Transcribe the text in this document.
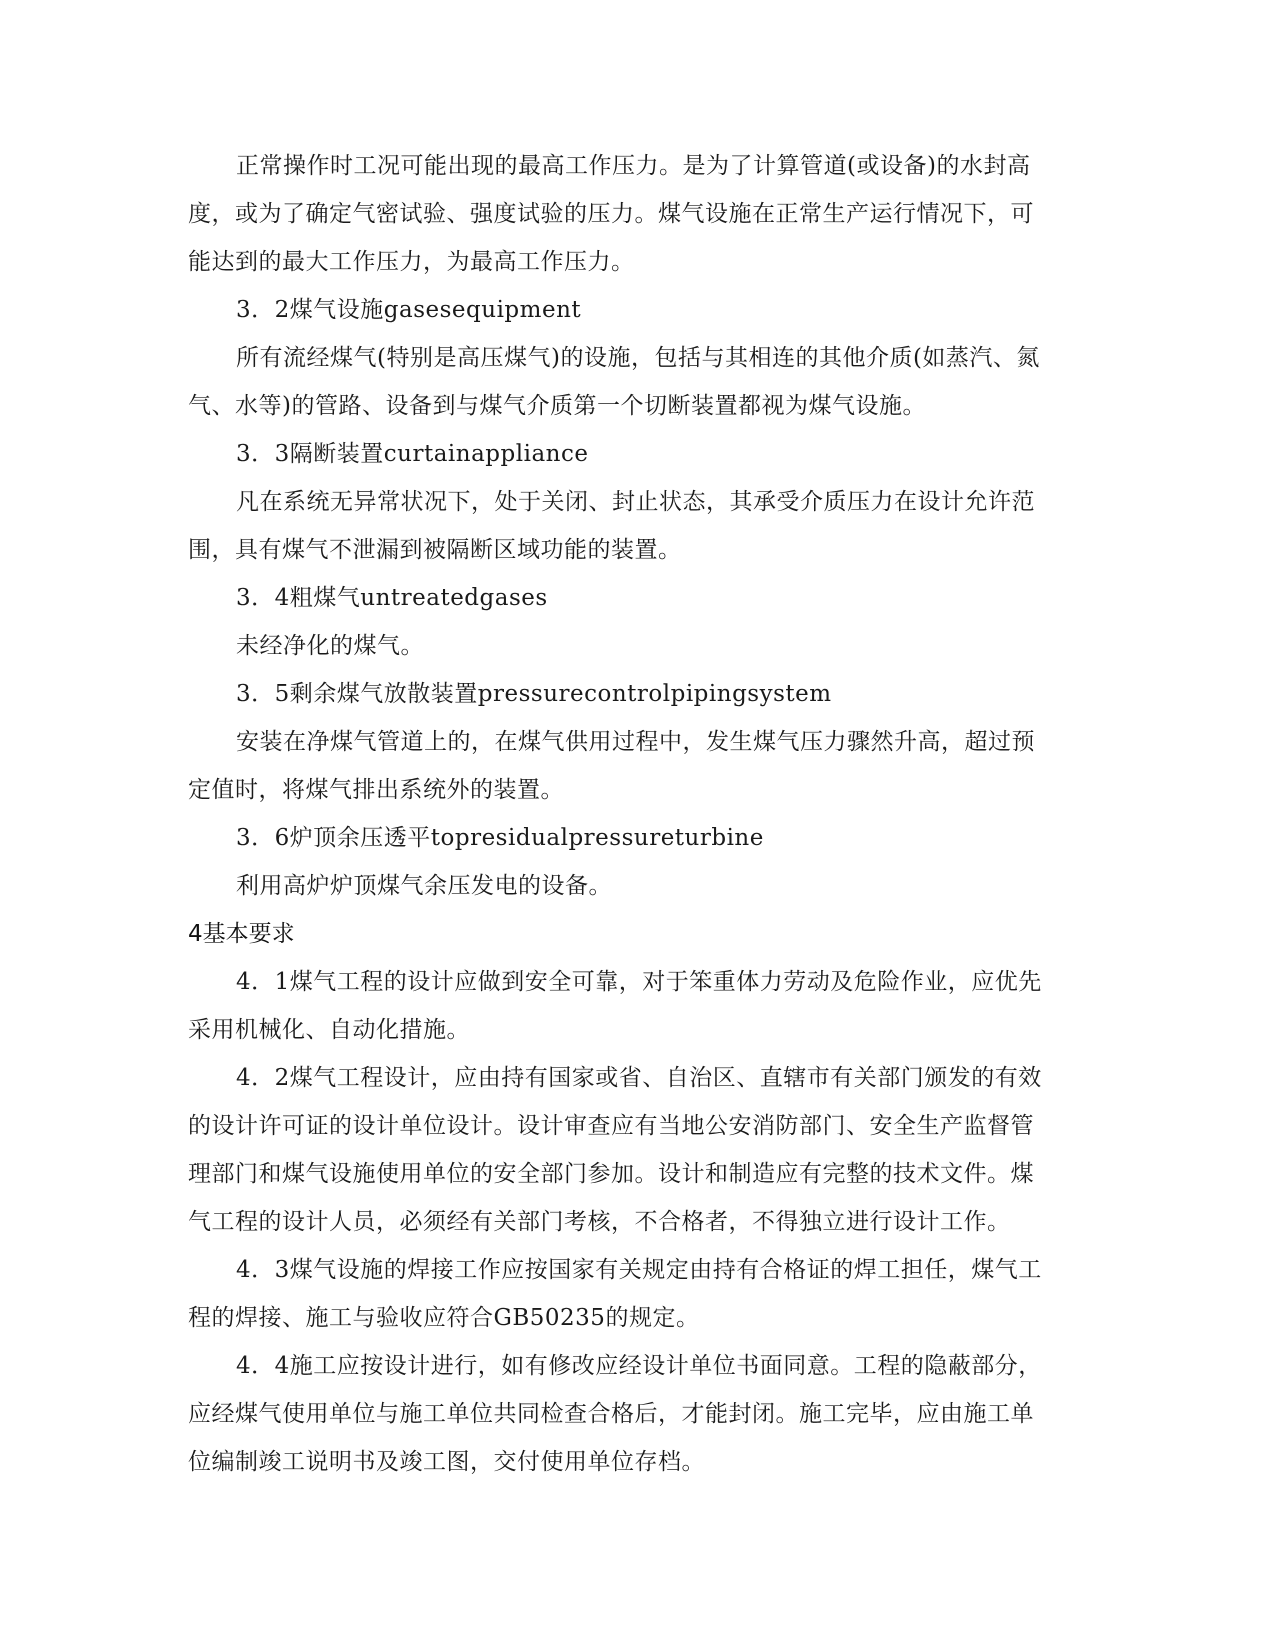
正常操作时工况可能出现的最高工作压力。是为了计算管道(或设备)的水封高
度，或为了确定气密试验、强度试验的压力。煤气设施在正常生产运行情况下，可
能达到的最大工作压力，为最高工作压力。
3．2煤气设施gasesequipment
所有流经煤气(特别是高压煤气)的设施，包括与其相连的其他介质(如蒸汽、氮
气、水等)的管路、设备到与煤气介质第一个切断装置都视为煤气设施。
3．3隔断装置curtainappliance
凡在系统无异常状况下，处于关闭、封止状态，其承受介质压力在设计允许范
围，具有煤气不泄漏到被隔断区域功能的装置。
3．4粗煤气untreatedgases
未经净化的煤气。
3．5剩余煤气放散装置pressurecontrolpipingsystem
安装在净煤气管道上的，在煤气供用过程中，发生煤气压力骤然升高，超过预
定值时，将煤气排出系统外的装置。
3．6炉顶余压透平topresidualpressureturbine
利用高炉炉顶煤气余压发电的设备。
4基本要求
4．1煤气工程的设计应做到安全可靠，对于笨重体力劳动及危险作业，应优先
采用机械化、自动化措施。
4．2煤气工程设计，应由持有国家或省、自治区、直辖市有关部门颁发的有效
的设计许可证的设计单位设计。设计审查应有当地公安消防部门、安全生产监督管
理部门和煤气设施使用单位的安全部门参加。设计和制造应有完整的技术文件。煤
气工程的设计人员，必须经有关部门考核，不合格者，不得独立进行设计工作。
4．3煤气设施的焊接工作应按国家有关规定由持有合格证的焊工担任，煤气工
程的焊接、施工与验收应符合GB50235的规定。
4．4施工应按设计进行，如有修改应经设计单位书面同意。工程的隐蔽部分，
应经煤气使用单位与施工单位共同检查合格后，才能封闭。施工完毕，应由施工单
位编制竣工说明书及竣工图，交付使用单位存档。
